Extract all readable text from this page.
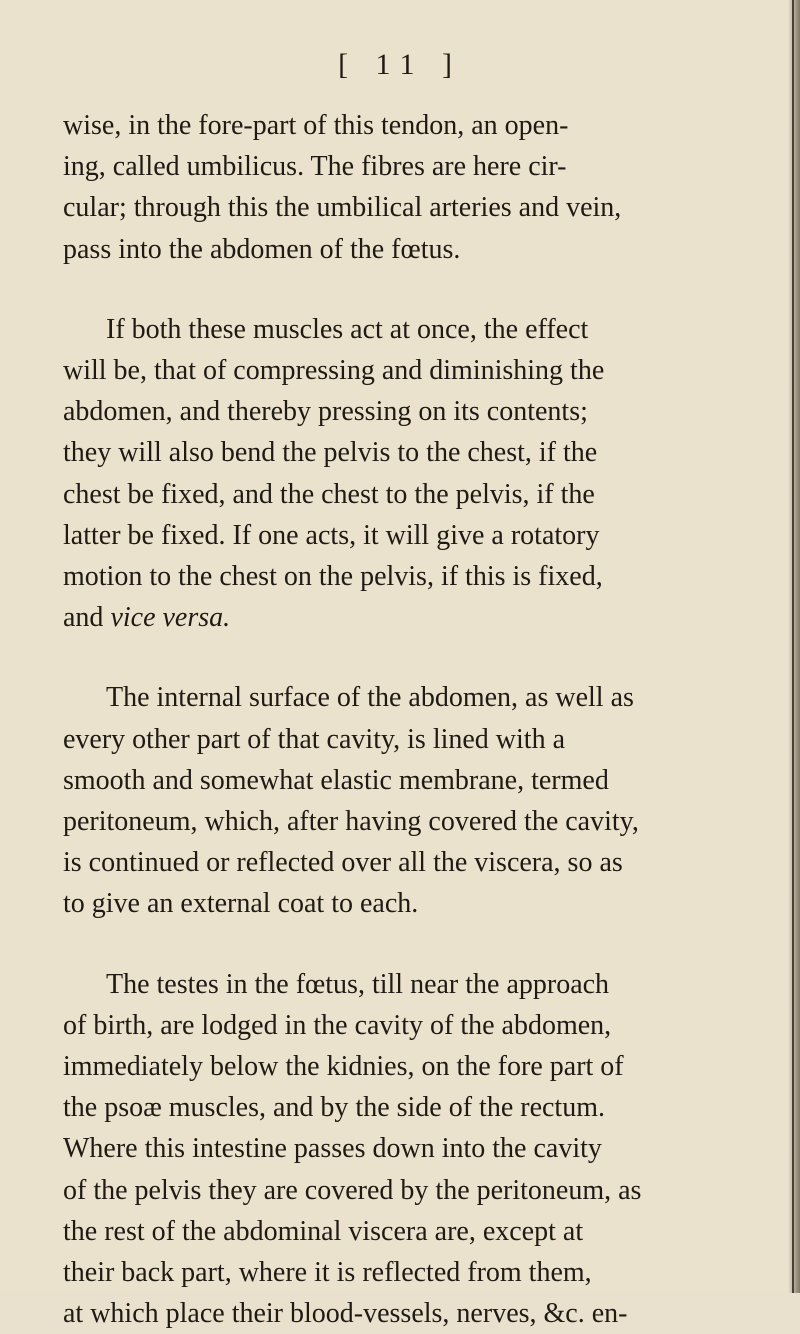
[ 11 ]

wise, in the fore-part of this tendon, an open-
ing, called umbilicus. The fibres are here cir-
cular; through this the umbilical arteries and vein,
pass into the abdomen of the fœtus.

If both these muscles act at once, the effect
will be, that of compressing and diminishing the
abdomen, and thereby pressing on its contents;
they will also bend the pelvis to the chest, if the
chest be fixed, and the chest to the pelvis, if the
latter be fixed. If one acts, it will give a rotatory
motion to the chest on the pelvis, if this is fixed,
and vice versa.

The internal surface of the abdomen, as well as
every other part of that cavity, is lined with a
smooth and somewhat elastic membrane, termed
peritoneum, which, after having covered the cavity,
is continued or reflected over all the viscera, so as
to give an external coat to each.

The testes in the fœtus, till near the approach
of birth, are lodged in the cavity of the abdomen,
immediately below the kidnies, on the fore part of
the psoæ muscles, and by the side of the rectum.
Where this intestine passes down into the cavity
of the pelvis they are covered by the peritoneum, as
the rest of the abdominal viscera are, except at
their back part, where it is reflected from them,
at which place their blood-vessels, nerves, &c. en-
